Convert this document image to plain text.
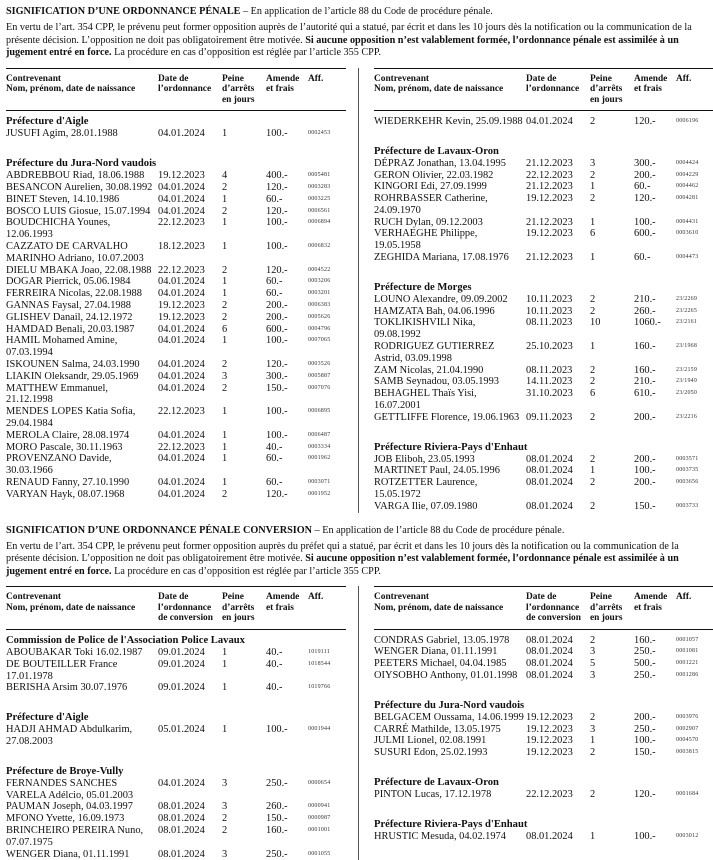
SIGNIFICATION D’UNE ORDONNANCE PÉNALE – En application de l’article 88 du Code de procédure pénale.
En vertu de l’art. 354 CPP, le prévenu peut former opposition auprès de l’autorité qui a statué, par écrit et dans les 10 jours dès la notification ou la communication de la présente décision. L’opposition ne doit pas obligatoirement être motivée. Si aucune opposition n’est valablement formée, l’ordonnance pénale est assimilée à un jugement entré en force. La procédure en cas d’opposition est réglée par l’article 355 CPP.
Contrevenant
Nom, prénom, date de naissance	Date de
l’ordonnance	Peine
d’arrêts
en jours	Amende
et frais	Aff.
Préfecture d'Aigle				
JUSUFI Agim, 28.01.1988	04.01.2024	1	100.-	0002453

Préfecture du Jura-Nord vaudois				
ABDREBBOU Riad, 18.06.1988	19.12.2023	4	400.-	0005481
BESANCON Aurelien, 30.08.1992	04.01.2024	2	120.-	0003283
BINET Steven, 14.10.1986	04.01.2024	1	60.-	0003225
BOSCO LUIS Giosue, 15.07.1994	04.01.2024	2	120.-	0006561
BOUDCHICHA Younes, 12.06.1993	22.12.2023	1	100.-	0006894
CAZZATO DE CARVALHO MARINHO Adriano, 10.07.2003	18.12.2023	1	100.-	0006832
DIELU MBAKA Joao, 22.08.1988	22.12.2023	2	120.-	0004522
DOGAR Pierrick, 05.06.1984	04.01.2024	1	60.-	0003206
FERREIRA Nicolas, 22.08.1988	04.01.2024	1	60.-	0003201
GANNAS Faysal, 27.04.1988	19.12.2023	2	200.-	0006383
GLISHEV Danail, 24.12.1972	19.12.2023	2	200.-	0005626
HAMDAD Benali, 20.03.1987	04.01.2024	6	600.-	0004796
HAMIL Mohamed Amine, 07.03.1994	04.01.2024	1	100.-	0007065
ISKOUNEN Salma, 24.03.1990	04.01.2024	2	120.-	0003526
LIAKIN Oleksandr, 29.05.1969	04.01.2024	3	300.-	0005887
MATTHEW Emmanuel, 21.12.1998	04.01.2024	2	150.-	0007076
MENDES LOPES Katia Sofia, 29.04.1984	22.12.2023	1	100.-	0006895
MEROLA Claire, 28.08.1974	04.01.2024	1	100.-	0006487
MORO Pascale, 30.11.1963	22.12.2023	1	40.-	0003334
PROVENZANO Davide, 30.03.1966	04.01.2024	1	60.-	0001962
RENAUD Fanny, 27.10.1990	04.01.2024	1	60.-	0003071
VARYAN Hayk, 08.07.1968	04.01.2024	2	120.-	0001952
Contrevenant
Nom, prénom, date de naissance	Date de
l’ordonnance	Peine
d’arrêts
en jours	Amende
et frais	Aff.

WIEDERKEHR Kevin, 25.09.1988	04.01.2024	2	120.-	0006196

Préfecture de Lavaux-Oron				
DÉPRAZ Jonathan, 13.04.1995	21.12.2023	3	300.-	0004424
GERON Olivier, 22.03.1982	22.12.2023	2	200.-	0004229
KINGORI Edi, 27.09.1999	21.12.2023	1	60.-	0004462
ROHRBASSER Catherine, 24.09.1970	19.12.2023	2	120.-	0004281
RUCH Dylan, 09.12.2003	21.12.2023	1	100.-	0004431
VERHAEGHE Philippe, 19.05.1958	19.12.2023	6	600.-	0003610
ZEGHIDA Mariana, 17.08.1976	21.12.2023	1	60.-	0004473

Préfecture de Morges				
LOUNO Alexandre, 09.09.2002	10.11.2023	2	210.-	23/2269
HAMZATA Bah, 04.06.1996	10.11.2023	2	260.-	23/2265
TOKLIKISHVILI Nika, 09.08.1992	08.11.2023	10	1060.-	23/2161
RODRIGUEZ GUTIERREZ Astrid, 03.09.1998	25.10.2023	1	160.-	23/1968
ZAM Nicolas, 21.04.1990	08.11.2023	2	160.-	23/2159
SAMB Seynadou, 03.05.1993	14.11.2023	2	210.-	23/1949
BEHAGHEL Thaïs Yisi, 16.07.2001	31.10.2023	6	610.-	23/2050
GETTLIFFE Florence, 19.06.1963	09.11.2023	2	200.-	23/2216

Préfecture Riviera-Pays d'Enhaut				
JOB Eliboh, 23.05.1993	08.01.2024	2	200.-	0003571
MARTINET Paul, 24.05.1996	08.01.2024	1	100.-	0003735
ROTZETTER Laurence, 15.05.1972	08.01.2024	2	200.-	0003656
VARGA Ilie, 07.09.1980	08.01.2024	2	150.-	0003733
SIGNIFICATION D’UNE ORDONNANCE PÉNALE CONVERSION – En application de l’article 88 du Code de procédure pénale.
En vertu de l’art. 354 CPP, le prévenu peut former opposition auprès du préfet qui a statué, par écrit et dans les 10 jours dès la notification ou la communication de la présente décision. L’opposition ne doit pas obligatoirement être motivée. Si aucune opposition n’est valablement formée, l’ordonnance pénale est assimilée à un jugement entré en force. La procédure en cas d’opposition est réglée par l’article 355 CPP.
Contrevenant
Nom, prénom, date de naissance	Date de
l’ordonnance
de conversion	Peine
d’arrêts
en jours	Amende
et frais	Aff.
Commission de Police de l'Association Police Lavaux				
ABOUBAKAR Toki 16.02.1987	09.01.2024	1	40.-	1019111
DE BOUTEILLER France 17.01.1978	09.01.2024	1	40.-	1018544
BERISHA Arsim 30.07.1976	09.01.2024	1	40.-	1019766

Préfecture d'Aigle				
HADJI AHMAD Abdulkarim, 27.08.2003	05.01.2024	1	100.-	0001944

Préfecture de Broye-Vully				
FERNANDES SANCHES VARELA Adélcio, 05.01.2003	04.01.2024	3	250.-	0000654
PAUMAN Joseph, 04.03.1997	08.01.2024	3	260.-	0000941
MFONO Yvette, 16.09.1973	08.01.2024	2	150.-	0000987
BRINCHEIRO PEREIRA Nuno, 07.07.1975	08.01.2024	2	160.-	0001001
WENGER Diana, 01.11.1991	08.01.2024	3	250.-	0001055
Contrevenant
Nom, prénom, date de naissance	Date de
l’ordonnance
de conversion	Peine
d’arrêts
en jours	Amende
et frais	Aff.

CONDRAS Gabriel, 13.05.1978	08.01.2024	2	160.-	0001057
WENGER Diana, 01.11.1991	08.01.2024	3	250.-	0001081
PEETERS Michael, 04.04.1985	08.01.2024	5	500.-	0001221
OIYSOBHO Anthony, 01.01.1998	08.01.2024	3	250.-	0001286

Préfecture du Jura-Nord vaudois				
BELGACEM Oussama, 14.06.1999	19.12.2023	2	200.-	0003976
CARRÉ Mathilde, 13.05.1975	19.12.2023	3	250.-	0002907
JULMI Lionel, 02.08.1991	19.12.2023	1	100.-	0004570
SUSURI Edon, 25.02.1993	19.12.2023	2	150.-	0003815

Préfecture de Lavaux-Oron				
PINTON Lucas, 17.12.1978	22.12.2023	2	120.-	0001684

Préfecture Riviera-Pays d'Enhaut				
HRUSTIC Mesuda, 04.02.1974	08.01.2024	1	100.-	0003012
